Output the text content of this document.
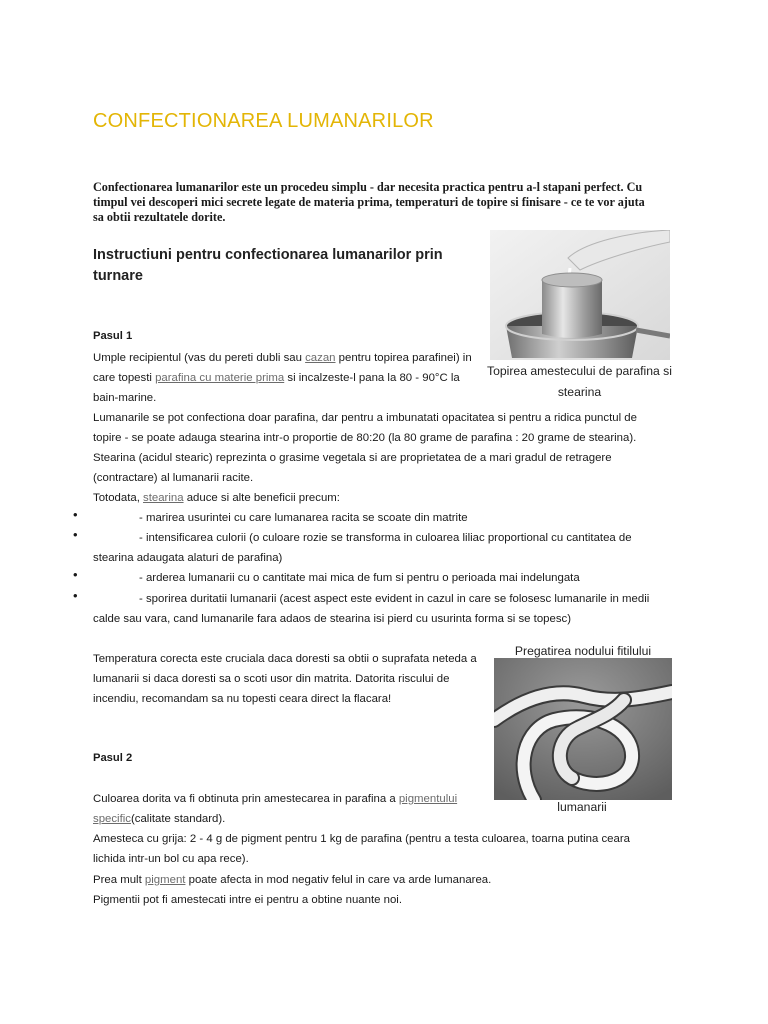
CONFECTIONAREA LUMANARILOR
Confectionarea lumanarilor este un procedeu simplu - dar necesita practica pentru a-l stapani perfect. Cu timpul vei descoperi mici secrete legate de materia prima, temperaturi de topire si finisare - ce te vor ajuta sa obtii rezultatele dorite.
Instructiuni pentru confectionarea lumanarilor prin turnare
Topirea amestecului de parafina si stearina
Pasul 1
Umple recipientul (vas du pereti dubli sau cazan pentru topirea parafinei) in care topesti parafina cu materie prima si incalzeste-l pana la 80 - 90°C la bain-marine.
Lumanarile se pot confectiona doar parafina, dar pentru a imbunatati opacitatea si pentru a ridica punctul de topire - se poate adauga stearina intr-o proportie de 80:20 (la 80 grame de parafina : 20 grame de stearina).
Stearina (acidul stearic) reprezinta o grasime vegetala si are proprietatea de a mari gradul de retragere (contractare) al lumanarii racite.
Totodata, stearina aduce si alte beneficii precum:
•	- marirea usurintei cu care lumanarea racita se scoate din matrite
•	- intensificarea culorii (o culoare rozie se transforma in culoarea liliac proportional cu cantitatea de stearina adaugata alaturi de parafina)
•	- arderea lumanarii cu o cantitate mai mica de fum si pentru o perioada mai indelungata
•	- sporirea duritatii lumanarii (acest aspect este evident in cazul in care se folosesc lumanarile in medii calde sau vara, cand lumanarile fara adaos de stearina isi pierd cu usurinta forma si se topesc)
Temperatura corecta este cruciala daca doresti sa obtii o suprafata neteda a lumanarii si daca doresti sa o scoti usor din matrita. Datorita riscului de incendiu, recomandam sa nu topesti ceara direct la flacara!
Pregatirea nodului fitilului
lumanarii
Pasul 2
Culoarea dorita va fi obtinuta prin amestecarea in parafina a pigmentului specific(calitate standard).
Amesteca cu grija: 2 - 4 g de pigment pentru 1 kg de parafina (pentru a testa culoarea, toarna putina ceara lichida intr-un bol cu apa rece).
Prea mult pigment poate afecta in mod negativ felul in care va arde lumanarea.
Pigmentii pot fi amestecati intre ei pentru a obtine nuante noi.
